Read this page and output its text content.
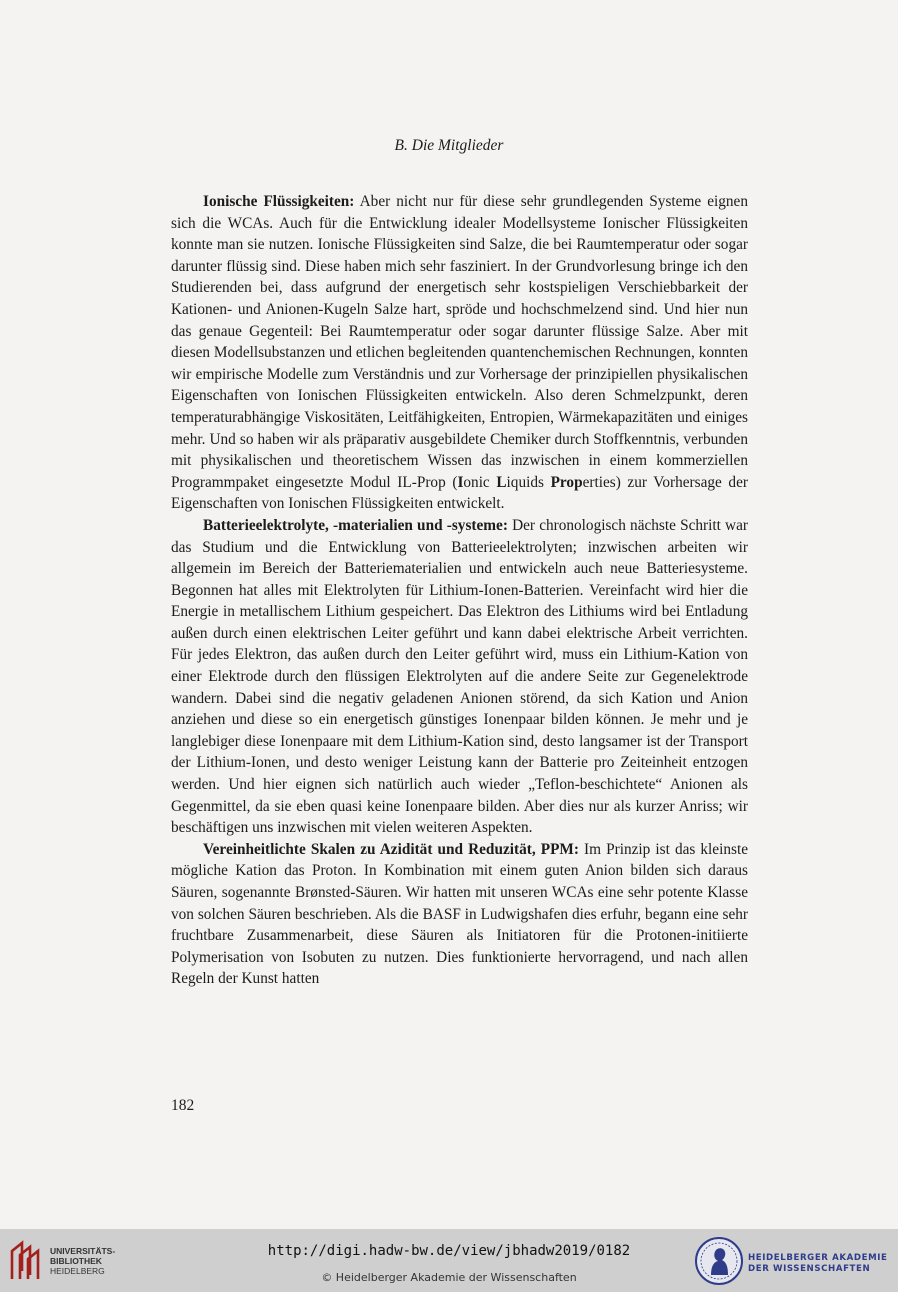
B. Die Mitglieder

Ionische Flüssigkeiten: Aber nicht nur für diese sehr grundlegenden Systeme eignen sich die WCAs. Auch für die Entwicklung idealer Modellsysteme Ionischer Flüssigkeiten konnte man sie nutzen. Ionische Flüssigkeiten sind Salze, die bei Raumtemperatur oder sogar darunter flüssig sind. Diese haben mich sehr fasziniert. In der Grundvorlesung bringe ich den Studierenden bei, dass aufgrund der energetisch sehr kostspieligen Verschiebbarkeit der Kationen- und Anionen-Kugeln Salze hart, spröde und hochschmelzend sind. Und hier nun das genaue Gegenteil: Bei Raumtemperatur oder sogar darunter flüssige Salze. Aber mit diesen Modellsubstanzen und etlichen begleitenden quantenchemischen Rechnungen, konnten wir empirische Modelle zum Verständnis und zur Vorhersage der prinzipiellen physikalischen Eigenschaften von Ionischen Flüssigkeiten entwickeln. Also deren Schmelzpunkt, deren temperaturabhängige Viskositäten, Leitfähigkeiten, Entropien, Wärmekapazitäten und einiges mehr. Und so haben wir als präparativ ausgebildete Chemiker durch Stoffkenntnis, verbunden mit physikalischen und theoretischem Wissen das inzwischen in einem kommerziellen Programmpaket eingesetzte Modul IL-Prop (Ionic Liquids Properties) zur Vorhersage der Eigenschaften von Ionischen Flüssigkeiten entwickelt.

Batterieelektrolyte, -materialien und -systeme: Der chronologisch nächste Schritt war das Studium und die Entwicklung von Batterieelektrolyten; inzwischen arbeiten wir allgemein im Bereich der Batteriematerialien und entwickeln auch neue Batteriesysteme. Begonnen hat alles mit Elektrolyten für Lithium-Ionen-Batterien. Vereinfacht wird hier die Energie in metallischem Lithium gespeichert. Das Elektron des Lithiums wird bei Entladung außen durch einen elektrischen Leiter geführt und kann dabei elektrische Arbeit verrichten. Für jedes Elektron, das außen durch den Leiter geführt wird, muss ein Lithium-Kation von einer Elektrode durch den flüssigen Elektrolyten auf die andere Seite zur Gegenelektrode wandern. Dabei sind die negativ geladenen Anionen störend, da sich Kation und Anion anziehen und diese so ein energetisch günstiges Ionenpaar bilden können. Je mehr und je langlebiger diese Ionenpaare mit dem Lithium-Kation sind, desto langsamer ist der Transport der Lithium-Ionen, und desto weniger Leistung kann der Batterie pro Zeiteinheit entzogen werden. Und hier eignen sich natürlich auch wieder „Teflon-beschichtete“ Anionen als Gegenmittel, da sie eben quasi keine Ionenpaare bilden. Aber dies nur als kurzer Anriss; wir beschäftigen uns inzwischen mit vielen weiteren Aspekten.

Vereinheitlichte Skalen zu Azidität und Reduzität, PPM: Im Prinzip ist das kleinste mögliche Kation das Proton. In Kombination mit einem guten Anion bilden sich daraus Säuren, sogenannte Brønsted-Säuren. Wir hatten mit unseren WCAs eine sehr potente Klasse von solchen Säuren beschrieben. Als die BASF in Ludwigshafen dies erfuhr, begann eine sehr fruchtbare Zusammenarbeit, diese Säuren als Initiatoren für die Protonen-initiierte Polymerisation von Isobuten zu nutzen. Dies funktionierte hervorragend, und nach allen Regeln der Kunst hatten

182
UNIVERSITÄTS-
BIBLIOTHEK
HEIDELBERG
http://digi.hadw-bw.de/view/jbhadw2019/0182
© Heidelberger Akademie der Wissenschaften
HEIDELBERGER AKADEMIE
DER WISSENSCHAFTEN
